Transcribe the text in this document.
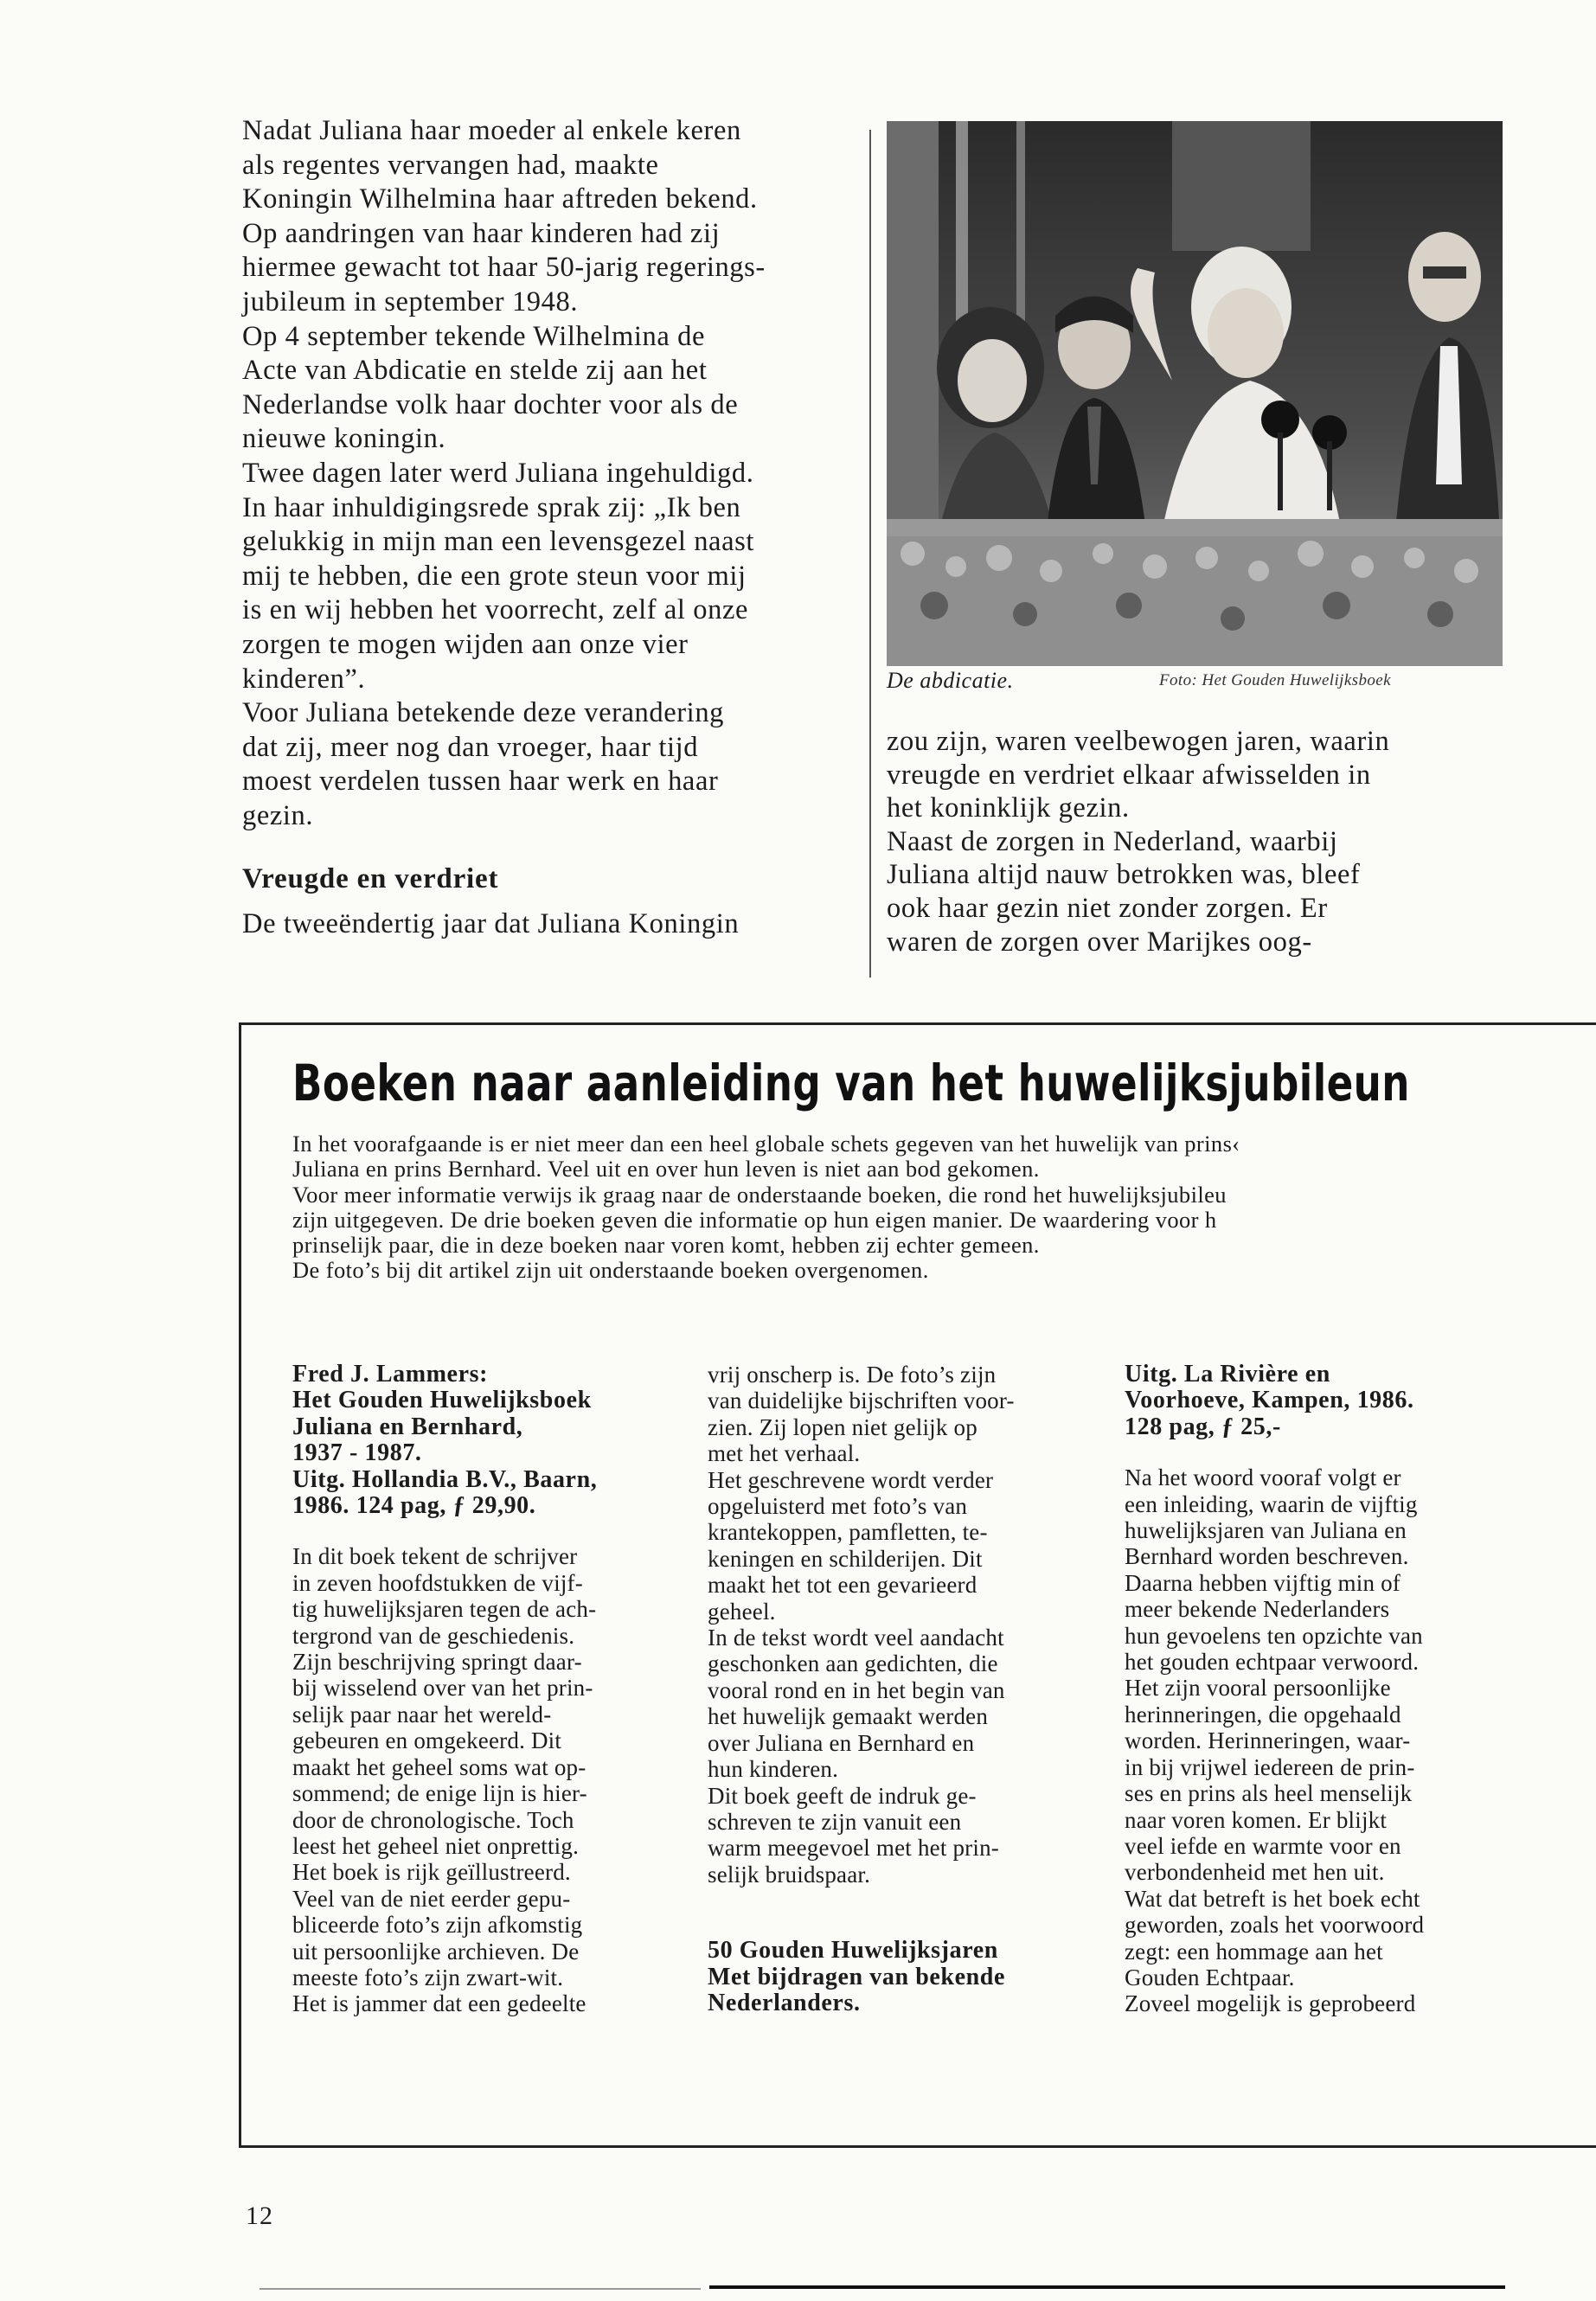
Nadat Juliana haar moeder al enkele keren

als regentes vervangen had, maakte

Koningin Wilhelmina haar aftreden bekend.

Op aandringen van haar kinderen had zij

hiermee gewacht tot haar 50-jarig regerings-

jubileum in september 1948.

Op 4 september tekende Wilhelmina de

Acte van Abdicatie en stelde zij aan het

Nederlandse volk haar dochter voor als de

nieuwe koningin.

Twee dagen later werd Juliana ingehuldigd.

In haar inhuldigingsrede sprak zij: „Ik ben

gelukkig in mijn man een levensgezel naast

mij te hebben, die een grote steun voor mij

is en wij hebben het voorrecht, zelf al onze

zorgen te mogen wijden aan onze vier

kinderen”.

Voor Juliana betekende deze verandering

dat zij, meer nog dan vroeger, haar tijd

moest verdelen tussen haar werk en haar

gezin.

Vreugde en verdriet

De tweeëndertig jaar dat Juliana Koningin

De abdicatie.	Foto: Het Gouden Huwelijksboek

zou zijn, waren veelbewogen jaren, waarin

vreugde en verdriet elkaar afwisselden in

het koninklijk gezin.

Naast de zorgen in Nederland, waarbij

Juliana altijd nauw betrokken was, bleef

ook haar gezin niet zonder zorgen. Er

waren de zorgen over Marijkes oog-

Boeken naar aanleiding van het huwelijksjubileun

In het voorafgaande is er niet meer dan een heel globale schets gegeven van het huwelijk van prins‹

Juliana en prins Bernhard. Veel uit en over hun leven is niet aan bod gekomen.

Voor meer informatie verwijs ik graag naar de onderstaande boeken, die rond het huwelijksjubileu

zijn uitgegeven. De drie boeken geven die informatie op hun eigen manier. De waardering voor h

prinselijk paar, die in deze boeken naar voren komt, hebben zij echter gemeen.

De foto’s bij dit artikel zijn uit onderstaande boeken overgenomen.

Fred J. Lammers:

Het Gouden Huwelijksboek

Juliana en Bernhard,

1937 - 1987.

Uitg. Hollandia B.V., Baarn,

1986. 124 pag, ƒ 29,90.

In dit boek tekent de schrijver

in zeven hoofdstukken de vijf-

tig huwelijksjaren tegen de ach-

tergrond van de geschiedenis.

Zijn beschrijving springt daar-

bij wisselend over van het prin-

selijk paar naar het wereld-

gebeuren en omgekeerd. Dit

maakt het geheel soms wat op-

sommend; de enige lijn is hier-

door de chronologische. Toch

leest het geheel niet onprettig.

Het boek is rijk geïllustreerd.

Veel van de niet eerder gepu-

bliceerde foto’s zijn afkomstig

uit persoonlijke archieven. De

meeste foto’s zijn zwart-wit.

Het is jammer dat een gedeelte

vrij onscherp is. De foto’s zijn

van duidelijke bijschriften voor-

zien. Zij lopen niet gelijk op

met het verhaal.

Het geschrevene wordt verder

opgeluisterd met foto’s van

krantekoppen, pamfletten, te-

keningen en schilderijen. Dit

maakt het tot een gevarieerd

geheel.

In de tekst wordt veel aandacht

geschonken aan gedichten, die

vooral rond en in het begin van

het huwelijk gemaakt werden

over Juliana en Bernhard en

hun kinderen.

Dit boek geeft de indruk ge-

schreven te zijn vanuit een

warm meegevoel met het prin-

selijk bruidspaar.

50 Gouden Huwelijksjaren

Met bijdragen van bekende

Nederlanders.

Uitg. La Rivière en

Voorhoeve, Kampen, 1986.

128 pag, ƒ 25,-

Na het woord vooraf volgt er

een inleiding, waarin de vijftig

huwelijksjaren van Juliana en

Bernhard worden beschreven.

Daarna hebben vijftig min of

meer bekende Nederlanders

hun gevoelens ten opzichte van

het gouden echtpaar verwoord.

Het zijn vooral persoonlijke

herinneringen, die opgehaald

worden. Herinneringen, waar-

in bij vrijwel iedereen de prin-

ses en prins als heel menselijk

naar voren komen. Er blijkt

veel iefde en warmte voor en

verbondenheid met hen uit.

Wat dat betreft is het boek echt

geworden, zoals het voorwoord

zegt: een hommage aan het

Gouden Echtpaar.

Zoveel mogelijk is geprobeerd

12
